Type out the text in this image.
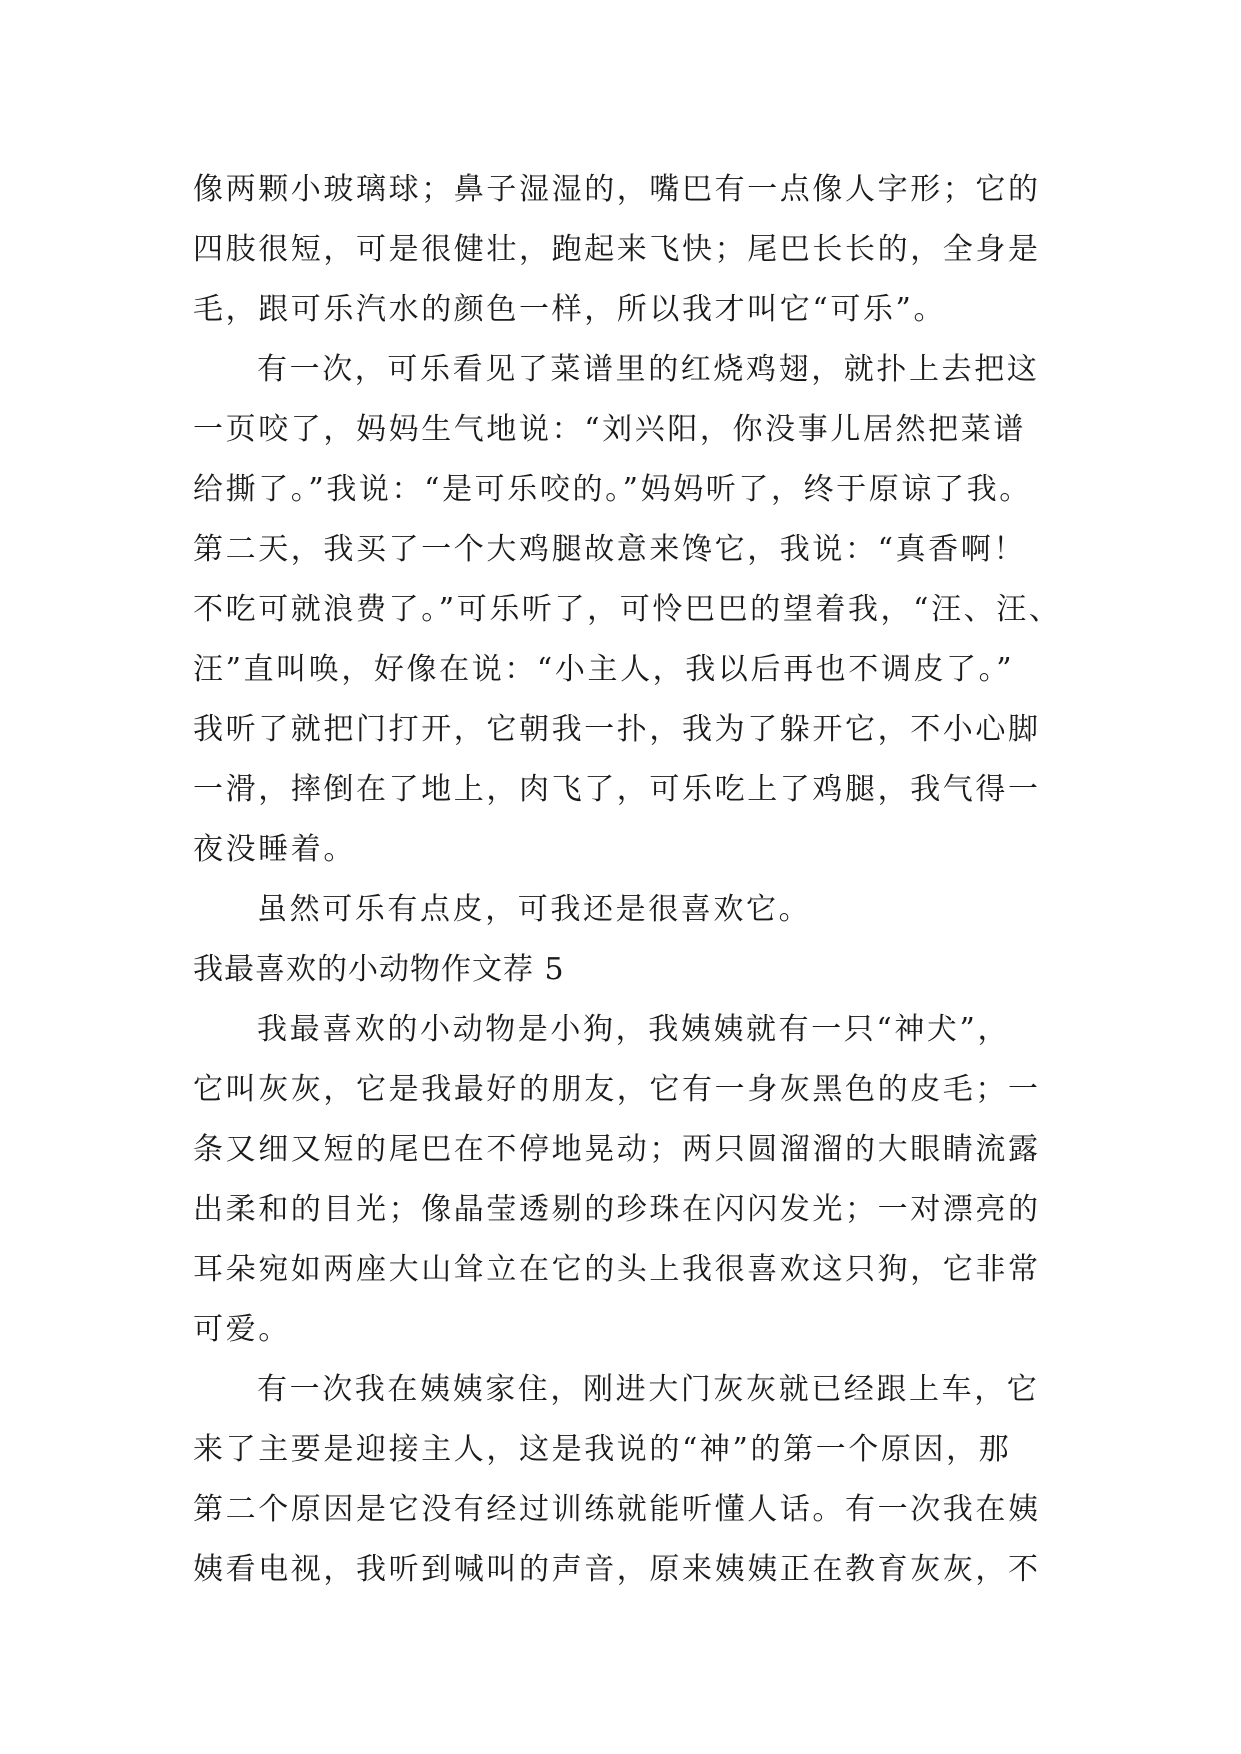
像两颗小玻璃球；鼻子湿湿的，嘴巴有一点像人字形；它的
四肢很短，可是很健壮，跑起来飞快；尾巴长长的，全身是
毛，跟可乐汽水的颜色一样，所以我才叫它“可乐”。
有一次，可乐看见了菜谱里的红烧鸡翅，就扑上去把这
一页咬了，妈妈生气地说：“刘兴阳，你没事儿居然把菜谱
给撕了。”我说：“是可乐咬的。”妈妈听了，终于原谅了我。
第二天，我买了一个大鸡腿故意来馋它，我说：“真香啊！
不吃可就浪费了。”可乐听了，可怜巴巴的望着我，“汪、汪、
汪”直叫唤，好像在说：“小主人，我以后再也不调皮了。”
我听了就把门打开，它朝我一扑，我为了躲开它，不小心脚
一滑，摔倒在了地上，肉飞了，可乐吃上了鸡腿，我气得一
夜没睡着。
虽然可乐有点皮，可我还是很喜欢它。
我最喜欢的小动物作文荐 5
我最喜欢的小动物是小狗，我姨姨就有一只“神犬”，
它叫灰灰，它是我最好的朋友，它有一身灰黑色的皮毛；一
条又细又短的尾巴在不停地晃动；两只圆溜溜的大眼睛流露
出柔和的目光；像晶莹透剔的珍珠在闪闪发光；一对漂亮的
耳朵宛如两座大山耸立在它的头上我很喜欢这只狗，它非常
可爱。
有一次我在姨姨家住，刚进大门灰灰就已经跟上车，它
来了主要是迎接主人，这是我说的“神”的第一个原因，那
第二个原因是它没有经过训练就能听懂人话。有一次我在姨
姨看电视，我听到喊叫的声音，原来姨姨正在教育灰灰，不
